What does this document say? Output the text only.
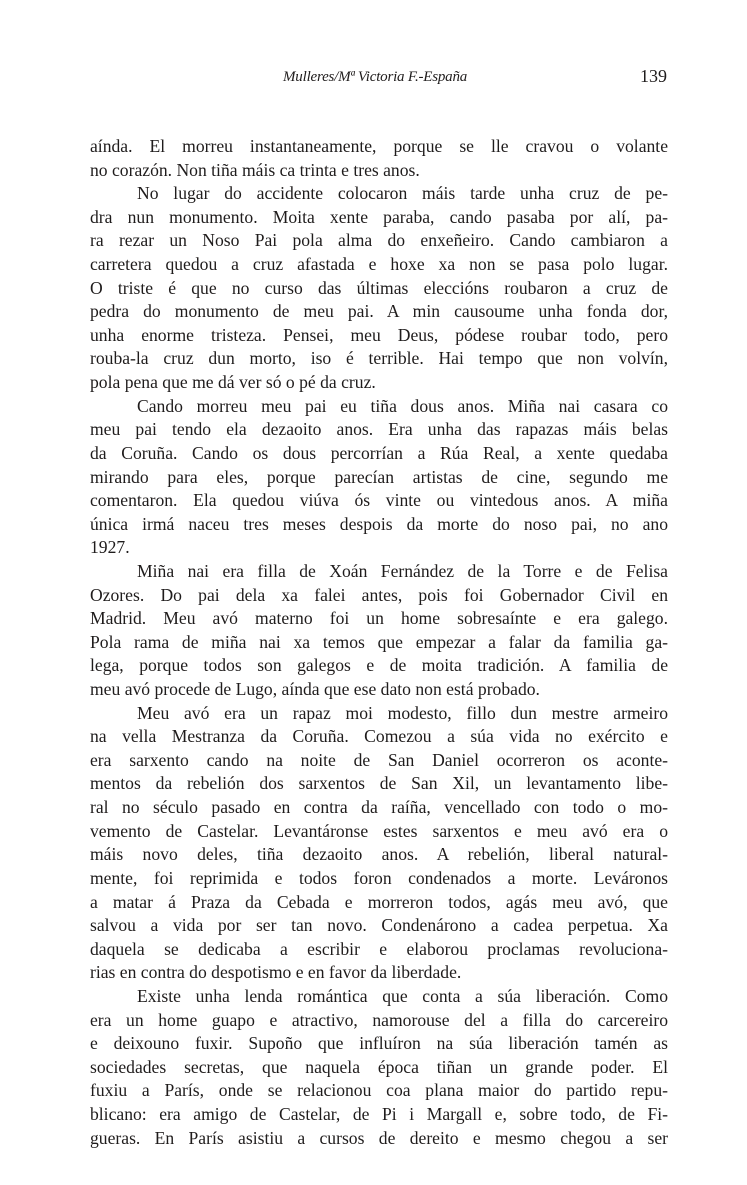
Mulleres/Mª Victoria F.-España	139
aínda. El morreu instantaneamente, porque se lle cravou o volante
no corazón. Non tiña máis ca trinta e tres anos.
No lugar do accidente colocaron máis tarde unha cruz de pe-
dra nun monumento. Moita xente paraba, cando pasaba por alí, pa-
ra rezar un Noso Pai pola alma do enxeñeiro. Cando cambiaron a
carretera quedou a cruz afastada e hoxe xa non se pasa polo lugar.
O triste é que no curso das últimas eleccións roubaron a cruz de
pedra do monumento de meu pai. A min causoume unha fonda dor,
unha enorme tristeza. Pensei, meu Deus, pódese roubar todo, pero
rouba-la cruz dun morto, iso é terrible. Hai tempo que non volvín,
pola pena que me dá ver só o pé da cruz.
Cando morreu meu pai eu tiña dous anos. Miña nai casara co
meu pai tendo ela dezaoito anos. Era unha das rapazas máis belas
da Coruña. Cando os dous percorrían a Rúa Real, a xente quedaba
mirando para eles, porque parecían artistas de cine, segundo me
comentaron. Ela quedou viúva ós vinte ou vintedous anos. A miña
única irmá naceu tres meses despois da morte do noso pai, no ano
1927.
Miña nai era filla de Xoán Fernández de la Torre e de Felisa
Ozores. Do pai dela xa falei antes, pois foi Gobernador Civil en
Madrid. Meu avó materno foi un home sobresaínte e era galego.
Pola rama de miña nai xa temos que empezar a falar da familia ga-
lega, porque todos son galegos e de moita tradición. A familia de
meu avó procede de Lugo, aínda que ese dato non está probado.
Meu avó era un rapaz moi modesto, fillo dun mestre armeiro
na vella Mestranza da Coruña. Comezou a súa vida no exército e
era sarxento cando na noite de San Daniel ocorreron os aconte-
mentos da rebelión dos sarxentos de San Xil, un levantamento libe-
ral no século pasado en contra da raíña, vencellado con todo o mo-
vemento de Castelar. Levantáronse estes sarxentos e meu avó era o
máis novo deles, tiña dezaoito anos. A rebelión, liberal natural-
mente, foi reprimida e todos foron condenados a morte. Leváronos
a matar á Praza da Cebada e morreron todos, agás meu avó, que
salvou a vida por ser tan novo. Condenárono a cadea perpetua. Xa
daquela se dedicaba a escribir e elaborou proclamas revoluciona-
rias en contra do despotismo e en favor da liberdade.
Existe unha lenda romántica que conta a súa liberación. Como
era un home guapo e atractivo, namorouse del a filla do carcereiro
e deixouno fuxir. Supoño que influíron na súa liberación tamén as
sociedades secretas, que naquela época tiñan un grande poder. El
fuxiu a París, onde se relacionou coa plana maior do partido repu-
blicano: era amigo de Castelar, de Pi i Margall e, sobre todo, de Fi-
gueras. En París asistiu a cursos de dereito e mesmo chegou a ser
